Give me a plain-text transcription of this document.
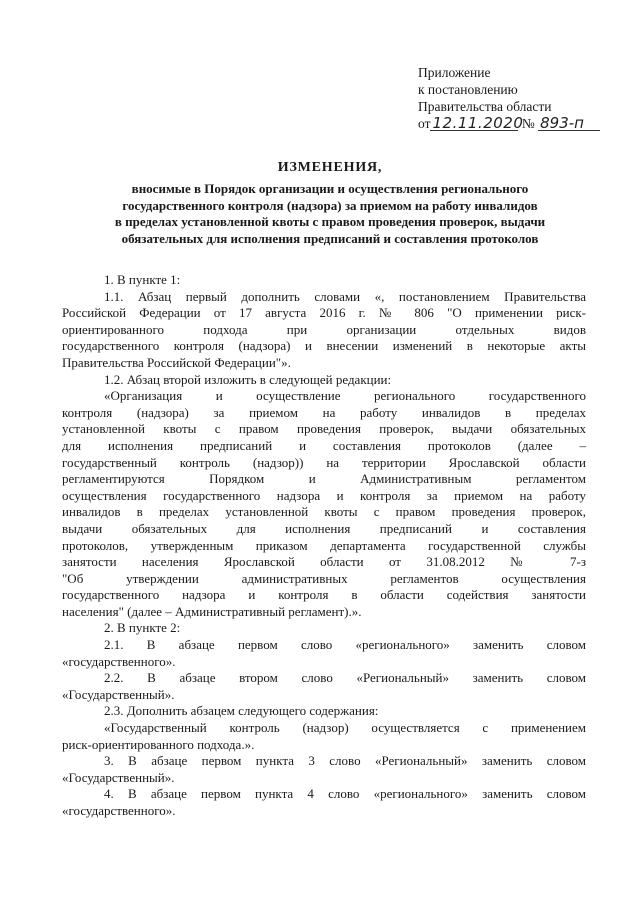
Приложение
к постановлению
Правительства области
от 12.11.2020 № 893-п
ИЗМЕНЕНИЯ,
вносимые в Порядок организации и осуществления регионального
государственного контроля (надзора) за приемом на работу инвалидов
в пределах установленной квоты с правом проведения проверок, выдачи
обязательных для исполнения предписаний и составления протоколов
1. В пункте 1:
1.1. Абзац первый дополнить словами «, постановлением Правительства
Российской Федерации от 17 августа 2016 г. № 806 "О применении риск-
ориентированного подхода при организации отдельных видов
государственного контроля (надзора) и внесении изменений в некоторые акты
Правительства Российской Федерации"».
1.2. Абзац второй изложить в следующей редакции:
«Организация и осуществление регионального государственного
контроля (надзора) за приемом на работу инвалидов в пределах
установленной квоты с правом проведения проверок, выдачи обязательных
для исполнения предписаний и составления протоколов (далее –
государственный контроль (надзор)) на территории Ярославской области
регламентируются Порядком и Административным регламентом
осуществления государственного надзора и контроля за приемом на работу
инвалидов в пределах установленной квоты с правом проведения проверок,
выдачи обязательных для исполнения предписаний и составления
протоколов, утвержденным приказом департамента государственной службы
занятости населения Ярославской области от 31.08.2012 № 7-з
"Об утверждении административных регламентов осуществления
государственного надзора и контроля в области содействия занятости
населения" (далее – Административный регламент).».
2. В пункте 2:
2.1. В абзаце первом слово «регионального» заменить словом
«государственного».
2.2. В абзаце втором слово «Региональный» заменить словом
«Государственный».
2.3. Дополнить абзацем следующего содержания:
«Государственный контроль (надзор) осуществляется с применением
риск-ориентированного подхода.».
3. В абзаце первом пункта 3 слово «Региональный» заменить словом
«Государственный».
4. В абзаце первом пункта 4 слово «регионального» заменить словом
«государственного».
